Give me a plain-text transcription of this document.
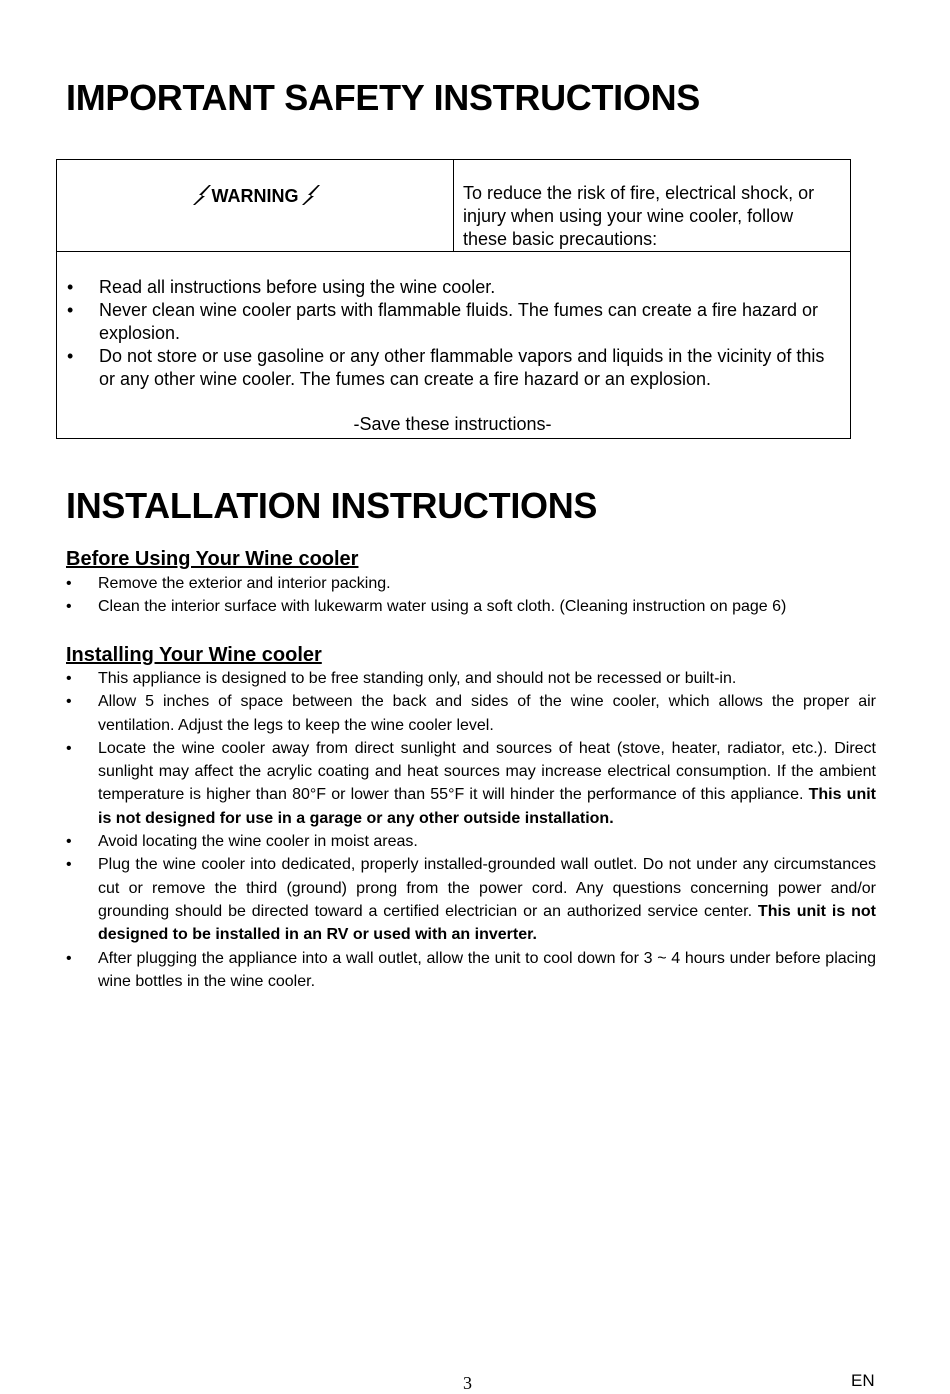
IMPORTANT SAFETY INSTRUCTIONS
WARNING	To reduce the risk of fire, electrical shock, or injury when using your wine cooler, follow these basic precautions:

• Read all instructions before using the wine cooler.
• Never clean wine cooler parts with flammable fluids. The fumes can create a fire hazard or explosion.
• Do not store or use gasoline or any other flammable vapors and liquids in the vicinity of this or any other wine cooler. The fumes can create a fire hazard or an explosion.
-Save these instructions-
INSTALLATION INSTRUCTIONS
Before Using Your Wine cooler
• Remove the exterior and interior packing.
• Clean the interior surface with lukewarm water using a soft cloth. (Cleaning instruction on page 6)
Installing Your Wine cooler
• This appliance is designed to be free standing only, and should not be recessed or built-in.
• Allow 5 inches of space between the back and sides of the wine cooler, which allows the proper air ventilation. Adjust the legs to keep the wine cooler level.
• Locate the wine cooler away from direct sunlight and sources of heat (stove, heater, radiator, etc.). Direct sunlight may affect the acrylic coating and heat sources may increase electrical consumption. If the ambient temperature is higher than 80°F or lower than 55°F it will hinder the performance of this appliance. This unit is not designed for use in a garage or any other outside installation.
• Avoid locating the wine cooler in moist areas.
• Plug the wine cooler into dedicated, properly installed-grounded wall outlet. Do not under any circumstances cut or remove the third (ground) prong from the power cord. Any questions concerning power and/or grounding should be directed toward a certified electrician or an authorized service center. This unit is not designed to be installed in an RV or used with an inverter.
• After plugging the appliance into a wall outlet, allow the unit to cool down for 3 ~ 4 hours under before placing wine bottles in the wine cooler.
3	EN
